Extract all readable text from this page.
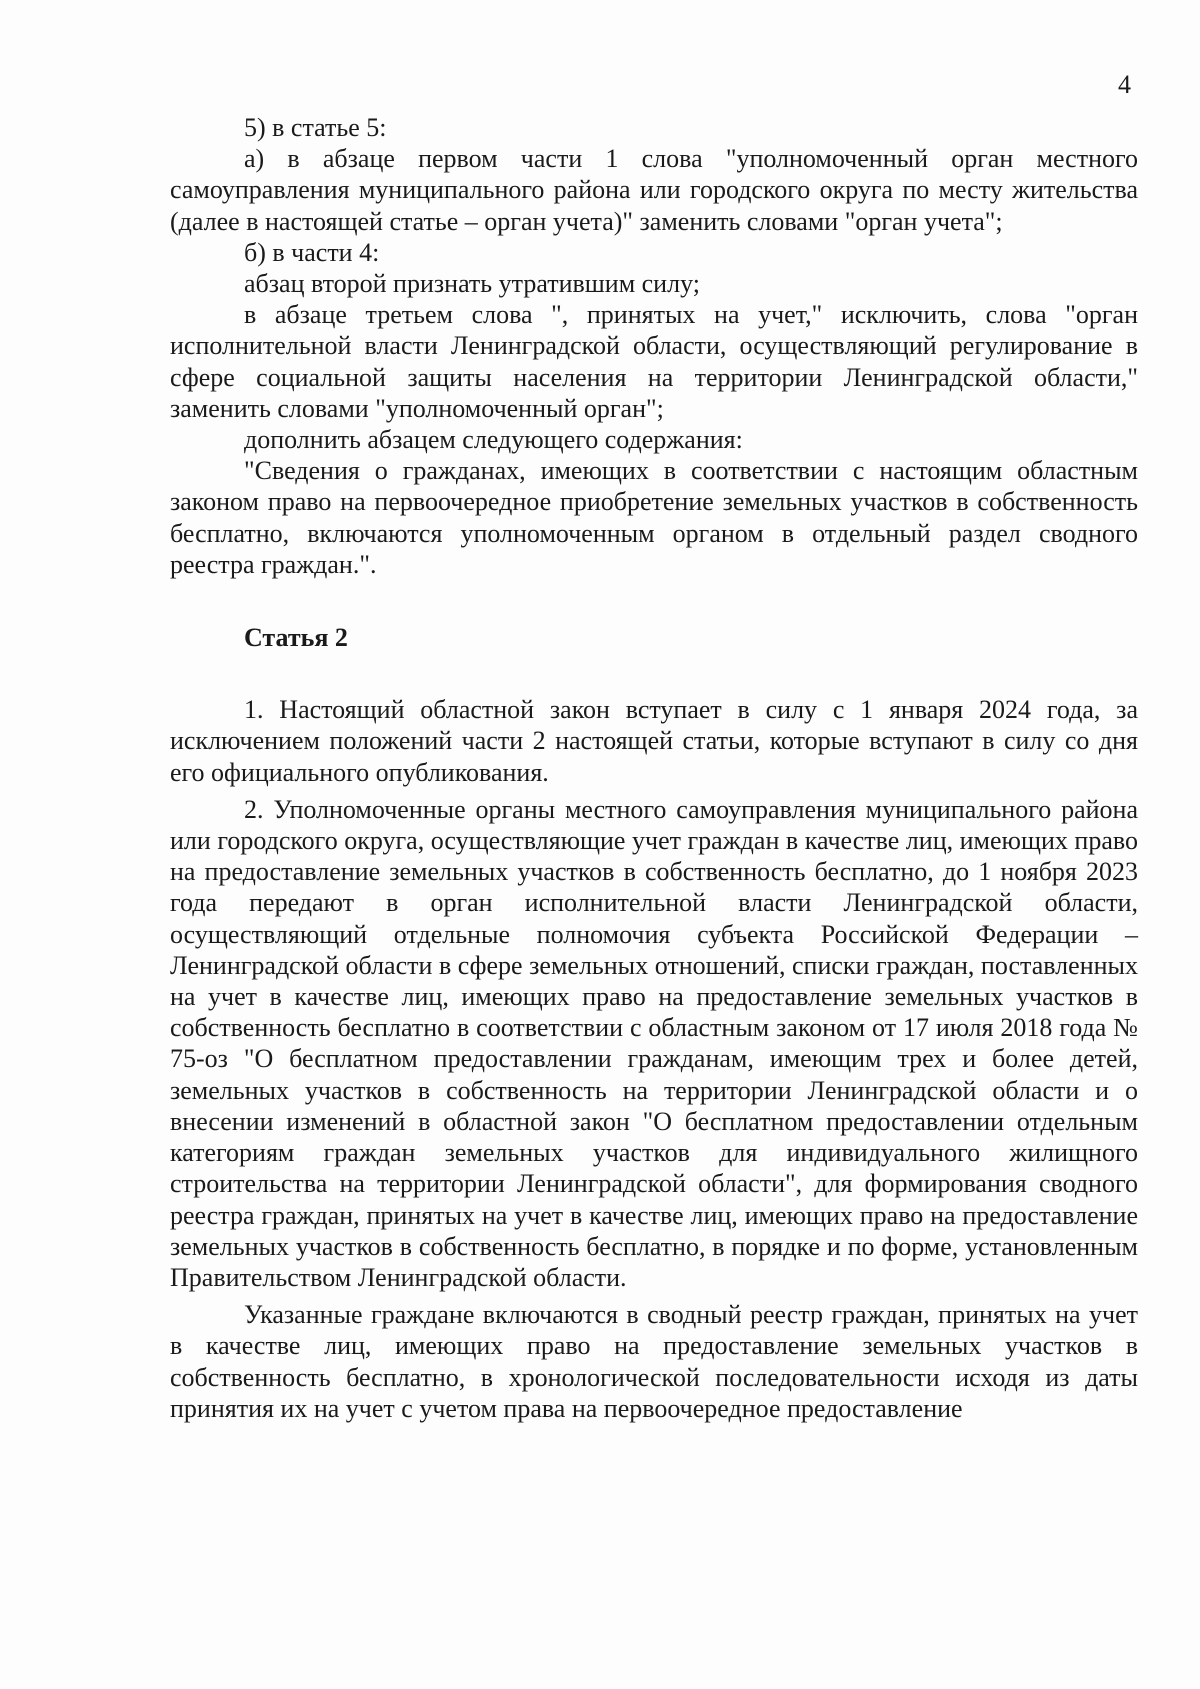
4

5) в статье 5:

а) в абзаце первом части 1 слова "уполномоченный орган местного самоуправления муниципального района или городского округа по месту жительства (далее в настоящей статье – орган учета)" заменить словами "орган учета";

б) в части 4:

абзац второй признать утратившим силу;

в абзаце третьем слова ", принятых на учет," исключить, слова "орган исполнительной власти Ленинградской области, осуществляющий регулирование в сфере социальной защиты населения на территории Ленинградской области," заменить словами "уполномоченный орган";

дополнить абзацем следующего содержания:

"Сведения о гражданах, имеющих в соответствии с настоящим областным законом право на первоочередное приобретение земельных участков в собственность бесплатно, включаются уполномоченным органом в отдельный раздел сводного реестра граждан.".

Статья 2

1. Настоящий областной закон вступает в силу с 1 января 2024 года, за исключением положений части 2 настоящей статьи, которые вступают в силу со дня его официального опубликования.

2. Уполномоченные органы местного самоуправления муниципального района или городского округа, осуществляющие учет граждан в качестве лиц, имеющих право на предоставление земельных участков в собственность бесплатно, до 1 ноября 2023 года передают в орган исполнительной власти Ленинградской области, осуществляющий отдельные полномочия субъекта Российской Федерации – Ленинградской области в сфере земельных отношений, списки граждан, поставленных на учет в качестве лиц, имеющих право на предоставление земельных участков в собственность бесплатно в соответствии с областным законом от 17 июля 2018 года № 75-оз "О бесплатном предоставлении гражданам, имеющим трех и более детей, земельных участков в собственность на территории Ленинградской области и о внесении изменений в областной закон "О бесплатном предоставлении отдельным категориям граждан земельных участков для индивидуального жилищного строительства на территории Ленинградской области", для формирования сводного реестра граждан, принятых на учет в качестве лиц, имеющих право на предоставление земельных участков в собственность бесплатно, в порядке и по форме, установленным Правительством Ленинградской области.

Указанные граждане включаются в сводный реестр граждан, принятых на учет в качестве лиц, имеющих право на предоставление земельных участков в собственность бесплатно, в хронологической последовательности исходя из даты принятия их на учет с учетом права на первоочередное предоставление
